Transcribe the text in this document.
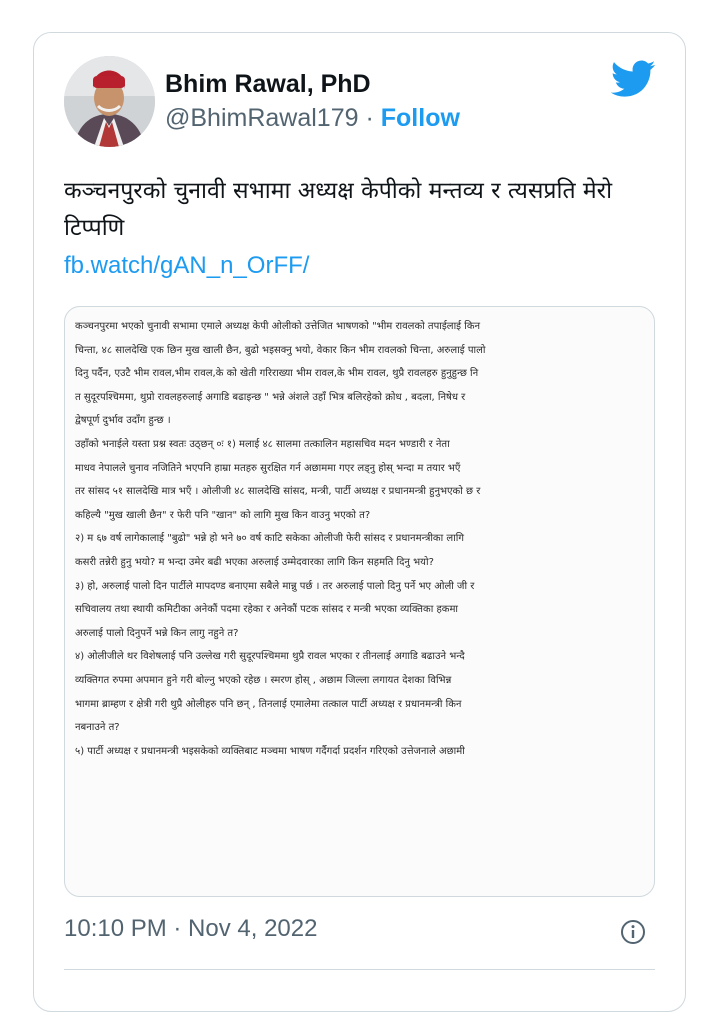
Bhim Rawal, PhD
@BhimRawal179 · Follow
कञ्चनपुरको चुनावी सभामा अध्यक्ष केपीको मन्तव्य र त्यसप्रति मेरो टिप्पणि
fb.watch/gAN_n_OrFF/

कञ्चनपुरमा भएको चुनावी सभामा एमाले अध्यक्ष केपी ओलीको उत्तेजित भाषणको "भीम रावलको तपाईलाई किन

चिन्ता, ४८ सालदेखि एक छिन मुख खाली छैन, बुढो भइसक्नु भयो, वेकार किन भीम रावलको चिन्ता, अरुलाई पालो

दिनु पर्दैन, एउटै भीम रावल,भीम रावल,के को खेती गरिराख्या भीम रावल,के भीम रावल, थुप्रै रावलहरु हुनुहुन्छ नि

त सुदूरपश्चिममा, थुप्रो रावलहरुलाई अगाडि बढाइन्छ " भन्ने अंशले उहाँ भित्र बलिरहेको क्रोध , बदला, निषेध र

द्वेषपूर्ण दुर्भाव उदाँग हुन्छ ।

उहाँको भनाईले यस्ता प्रश्न स्वतः उठ्छन् ०ः १) मलाई ४८ सालमा तत्कालिन महासचिव मदन भण्डारी र नेता

माधव नेपालले चुनाव नजितिने भएपनि हाम्रा मतहरु सुरक्षित गर्न अछाममा गएर लड्नु होस् भन्दा म तयार भएँ

तर सांसद ५१ सालदेखि मात्र भएँ । ओलीजी ४८ सालदेखि सांसद, मन्त्री, पार्टी अध्यक्ष र प्रधानमन्त्री हुनुभएको छ र

कहिल्यै "मुख खाली छैन" र फेरी पनि "खान" को लागि मुख किन वाउनु भएको त?

२) म ६७ वर्ष लागेकालाई "बुढो" भन्ने हो भने ७० वर्ष काटि सकेका ओलीजी फेरी सांसद र प्रधानमन्त्रीका लागि

कसरी तन्नेरी हुनु भयो? म भन्दा उमेर बढी भएका अरुलाई उम्मेदवारका लागि किन सहमति दिनु भयो?

३) हो, अरुलाई पालो दिन पार्टीले मापदण्ड बनाएमा सबैले मान्नु पर्छ । तर अरुलाई पालो दिनु पर्ने भए ओली जी र

सचिवालय तथा स्थायी कमिटीका अनेकौं पदमा रहेका र अनेकौं पटक सांसद र मन्त्री भएका व्यक्तिका हकमा

अरुलाई पालो दिनुपर्ने भन्ने किन लागु नहुने त?

४) ओलीजीले थर विशेषलाई पनि उल्लेख गरी सुदूरपश्चिममा थुप्रै रावल भएका र तीनलाई अगाडि बढाउने भन्दै

व्यक्तिगत रुपमा अपमान हुने गरी बोल्नु भएको रहेछ । स्मरण होस् , अछाम जिल्ला लगायत देशका विभिन्न

भागमा ब्राम्हण र क्षेत्री गरी थुप्रै ओलीहरु पनि छन् , तिनलाई एमालेमा तत्काल पार्टी अध्यक्ष र प्रधानमन्त्री किन

नबनाउने त?

५) पार्टी अध्यक्ष र प्रधानमन्त्री भइसकेको व्यक्तिबाट मञ्चमा भाषण गर्दैगर्दा प्रदर्शन गरिएको उत्तेजनाले अछामी

10:10 PM · Nov 4, 2022
